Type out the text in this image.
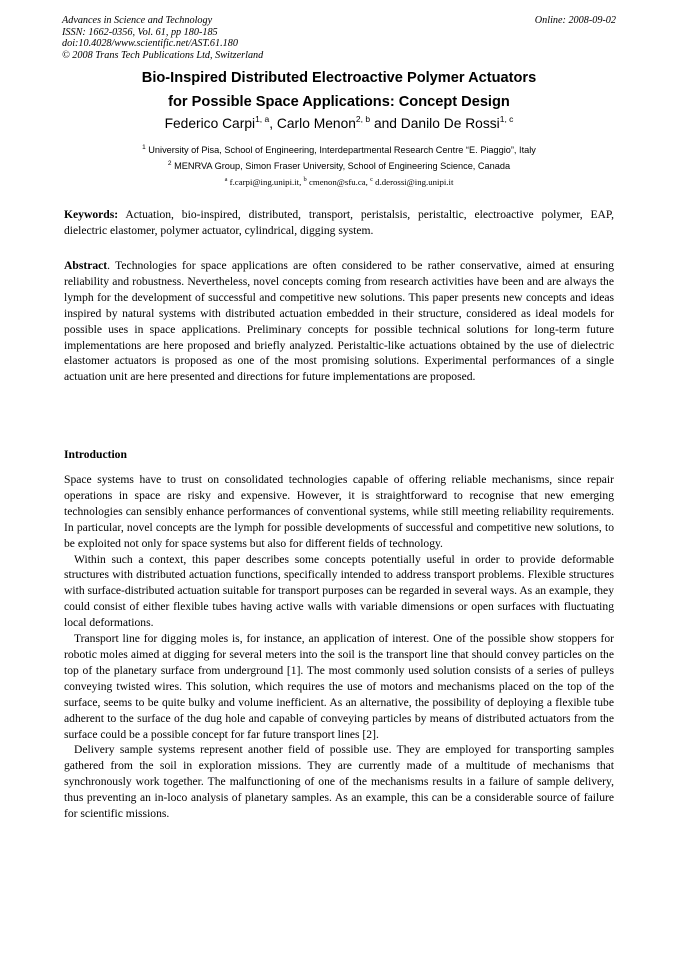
Advances in Science and Technology
ISSN: 1662-0356, Vol. 61, pp 180-185
doi:10.4028/www.scientific.net/AST.61.180
© 2008 Trans Tech Publications Ltd, Switzerland
Online: 2008-09-02
Bio-Inspired Distributed Electroactive Polymer Actuators
for Possible Space Applications: Concept Design
Federico Carpi$^{1, a}$, Carlo Menon$^{2, b}$ and Danilo De Rossi$^{1, c}$
$^1$ University of Pisa, School of Engineering, Interdepartmental Research Centre “E. Piaggio”, Italy
$^2$ MENRVA Group, Simon Fraser University, School of Engineering Science, Canada
$^a$ f.carpi@ing.unipi.it, $^b$ cmenon@sfu.ca, $^c$ d.derossi@ing.unipi.it

Keywords: Actuation, bio-inspired, distributed, transport, peristalsis, peristaltic, electroactive polymer, EAP, dielectric elastomer, polymer actuator, cylindrical, digging system.

Abstract. Technologies for space applications are often considered to be rather conservative, aimed at ensuring reliability and robustness. Nevertheless, novel concepts coming from research activities have been and are always the lymph for the development of successful and competitive new solutions. This paper presents new concepts and ideas inspired by natural systems with distributed actuation embedded in their structure, considered as ideal models for possible uses in space applications. Preliminary concepts for possible technical solutions for long-term future implementations are here proposed and briefly analyzed. Peristaltic-like actuations obtained by the use of dielectric elastomer actuators is proposed as one of the most promising solutions. Experimental performances of a single actuation unit are here presented and directions for future implementations are proposed.

Introduction

Space systems have to trust on consolidated technologies capable of offering reliable mechanisms, since repair operations in space are risky and expensive. However, it is straightforward to recognise that new emerging technologies can sensibly enhance performances of conventional systems, while still meeting reliability requirements. In particular, novel concepts are the lymph for possible developments of successful and competitive new solutions, to be exploited not only for space systems but also for different fields of technology.

Within such a context, this paper describes some concepts potentially useful in order to provide deformable structures with distributed actuation functions, specifically intended to address transport problems. Flexible structures with surface-distributed actuation suitable for transport purposes can be regarded in several ways. As an example, they could consist of either flexible tubes having active walls with variable dimensions or open surfaces with fluctuating local deformations.

Transport line for digging moles is, for instance, an application of interest. One of the possible show stoppers for robotic moles aimed at digging for several meters into the soil is the transport line that should convey particles on the top of the planetary surface from underground [1]. The most commonly used solution consists of a series of pulleys conveying twisted wires. This solution, which requires the use of motors and mechanisms placed on the top of the surface, seems to be quite bulky and volume inefficient. As an alternative, the possibility of deploying a flexible tube adherent to the surface of the dug hole and capable of conveying particles by means of distributed actuators from the surface could be a possible concept for far future transport lines [2].

Delivery sample systems represent another field of possible use. They are employed for transporting samples gathered from the soil in exploration missions. They are currently made of a multitude of mechanisms that synchronously work together. The malfunctioning of one of the mechanisms results in a failure of sample delivery, thus preventing an in-loco analysis of planetary samples. As an example, this can be a considerable source of failure for scientific missions.
